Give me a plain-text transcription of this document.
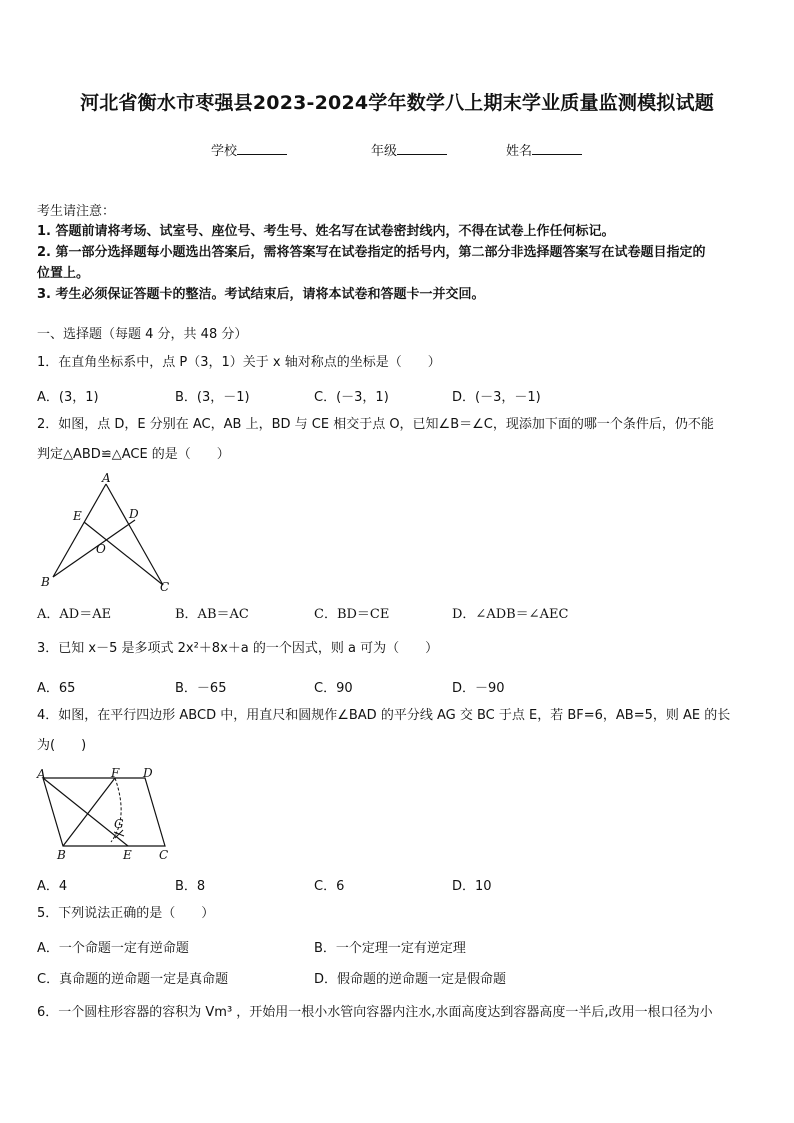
河北省衡水市枣强县2023-2024学年数学八上期末学业质量监测模拟试题
学校	年级	姓名
考生请注意：
1. 答题前请将考场、试室号、座位号、考生号、姓名写在试卷密封线内，不得在试卷上作任何标记。
2. 第一部分选择题每小题选出答案后，需将答案写在试卷指定的括号内，第二部分非选择题答案写在试卷题目指定的
位置上。
3. 考生必须保证答题卡的整洁。考试结束后，请将本试卷和答题卡一并交回。
一、选择题（每题 4 分，共 48 分）
1．在直角坐标系中，点 P（3，1）关于 x 轴对称点的坐标是（　　）
A．(3，1)	B．(3，－1)	C．(－3，1)	D．(－3，－1)
2．如图，点 D，E 分别在 AC，AB 上，BD 与 CE 相交于点 O，已知∠B＝∠C，现添加下面的哪一个条件后，仍不能
判定△ABD≌△ACE 的是（　　）
A
E	D
O
B	C
A．AD＝AE	B．AB＝AC	C．BD＝CE	D．∠ADB＝∠AEC
3．已知 x－5 是多项式 2x²＋8x＋a 的一个因式，则 a 可为（　　）
A．65	B．－65	C．90	D．－90
4．如图，在平行四边形 ABCD 中，用直尺和圆规作∠BAD 的平分线 AG 交 BC 于点 E，若 BF=6，AB=5，则 AE 的长
为(　　)
A	F D
G
B	E C
A．4	B．8	C．6	D．10
5．下列说法正确的是（　　）
A．一个命题一定有逆命题	B．一个定理一定有逆定理
C．真命题的逆命题一定是真命题	D．假命题的逆命题一定是假命题
6．一个圆柱形容器的容积为 Vm³ ，开始用一根小水管向容器内注水,水面高度达到容器高度一半后,改用一根口径为小
